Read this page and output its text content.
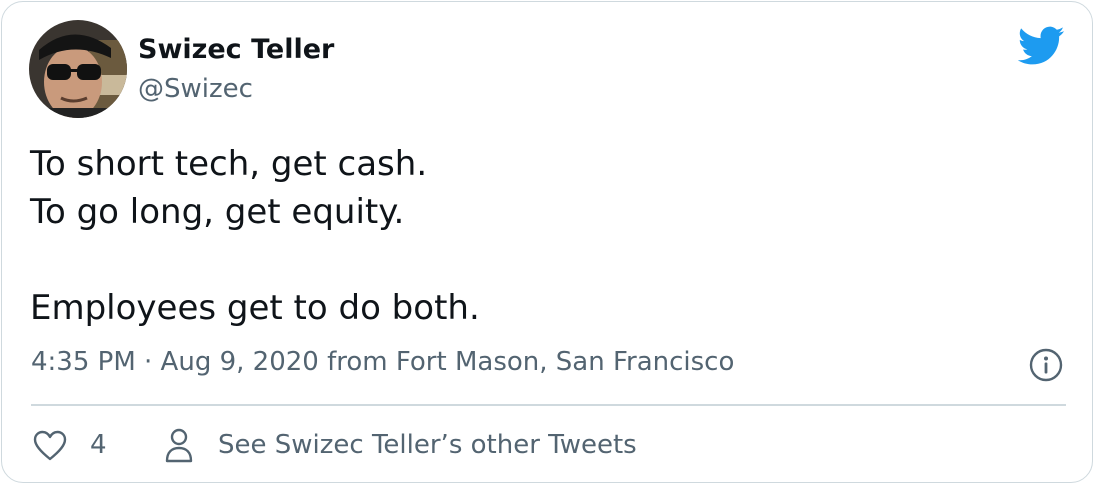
Swizec Teller
@Swizec
To short tech, get cash.
To go long, get equity.
Employees get to do both.
4:35 PM · Aug 9, 2020 from Fort Mason, San Francisco
4	See Swizec Teller’s other Tweets
